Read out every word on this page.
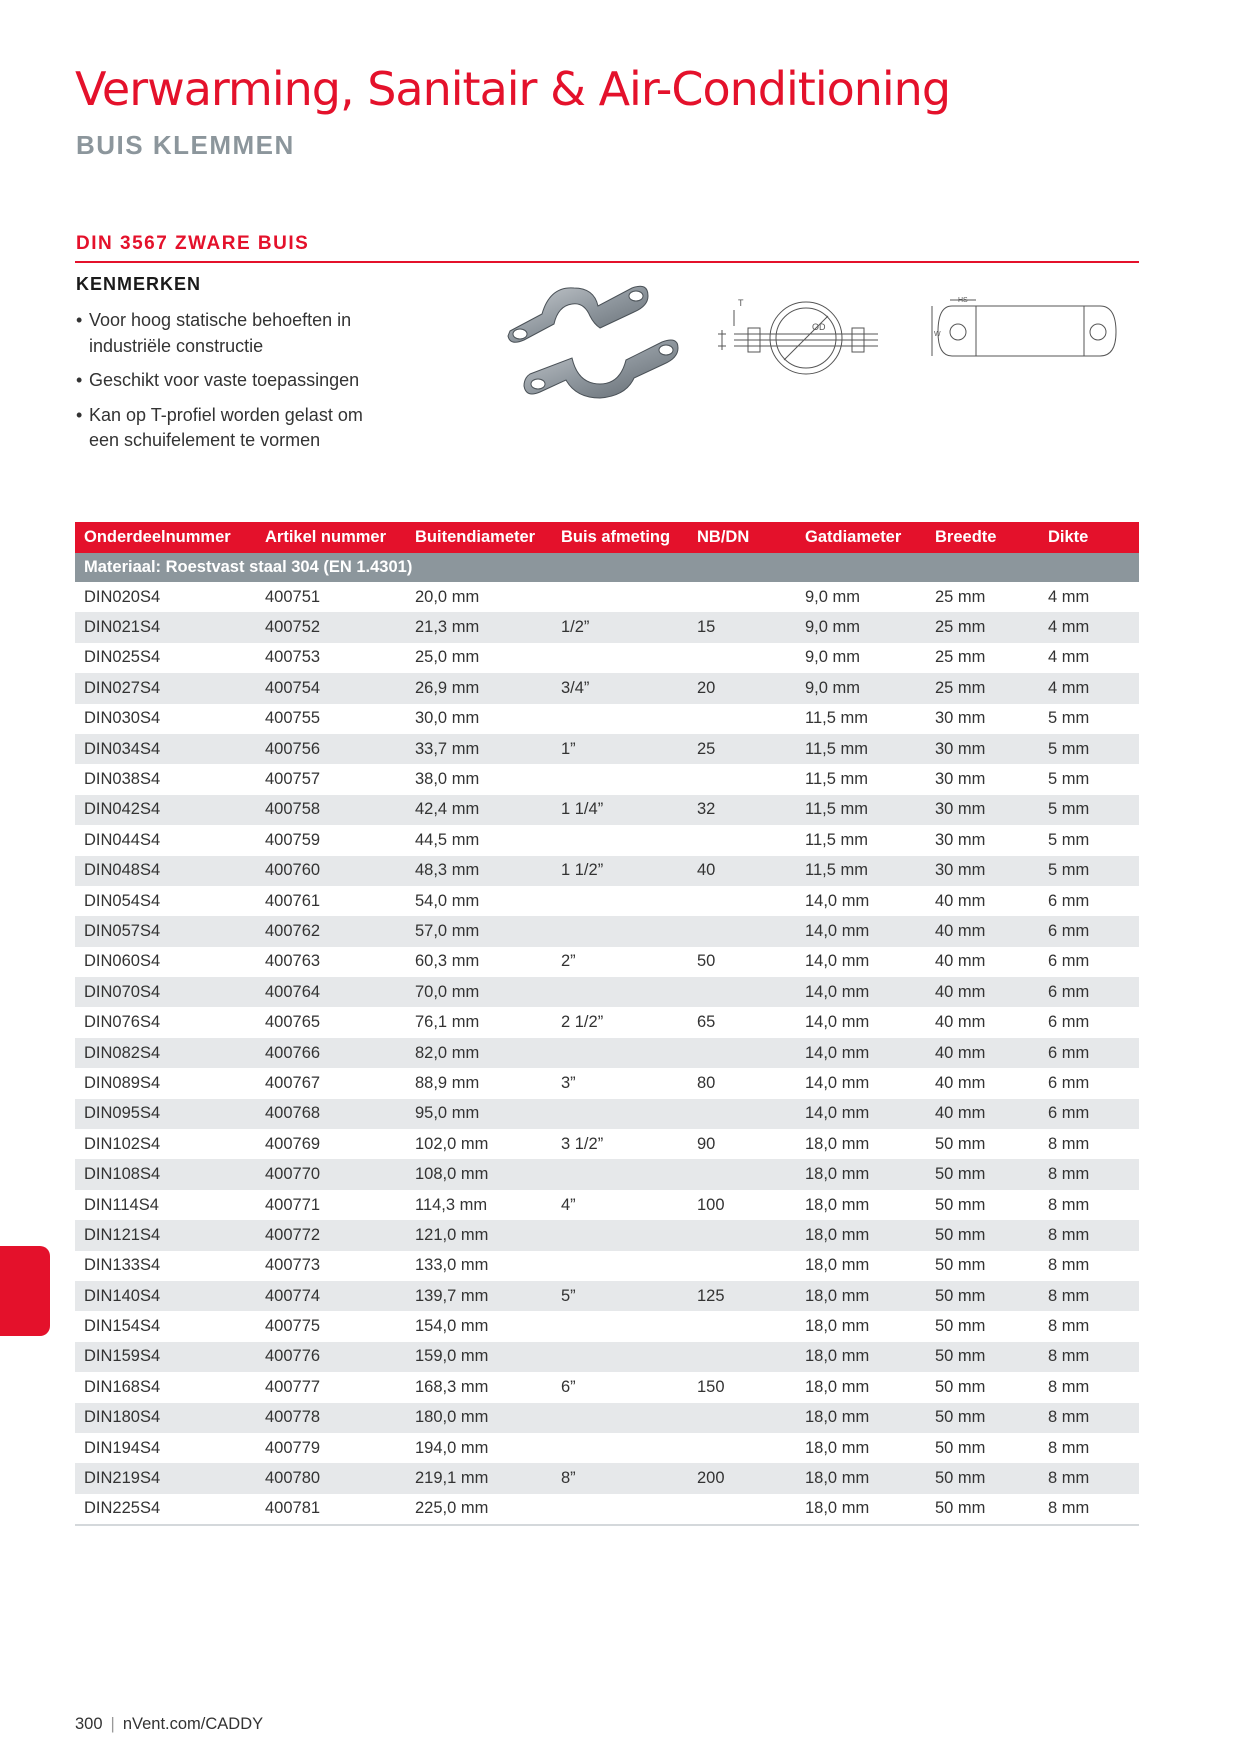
Verwarming, Sanitair & Air-Conditioning
BUIS KLEMMEN
DIN 3567 ZWARE BUIS
KENMERKEN
• Voor hoog statische behoeften in industriële constructie
• Geschikt voor vaste toepassingen
• Kan op T-profiel worden gelast om een schuifelement te vormen
T
OD
HS
W
Onderdeelnummer	Artikel nummer	Buitendiameter	Buis afmeting	NB/DN	Gatdiameter	Breedte	Dikte
Materiaal: Roestvast staal 304 (EN 1.4301)							
DIN020S4	400751	20,0 mm			9,0 mm	25 mm	4 mm
DIN021S4	400752	21,3 mm	1/2”	15	9,0 mm	25 mm	4 mm
DIN025S4	400753	25,0 mm			9,0 mm	25 mm	4 mm
DIN027S4	400754	26,9 mm	3/4”	20	9,0 mm	25 mm	4 mm
DIN030S4	400755	30,0 mm			11,5 mm	30 mm	5 mm
DIN034S4	400756	33,7 mm	1”	25	11,5 mm	30 mm	5 mm
DIN038S4	400757	38,0 mm			11,5 mm	30 mm	5 mm
DIN042S4	400758	42,4 mm	1 1/4”	32	11,5 mm	30 mm	5 mm
DIN044S4	400759	44,5 mm			11,5 mm	30 mm	5 mm
DIN048S4	400760	48,3 mm	1 1/2”	40	11,5 mm	30 mm	5 mm
DIN054S4	400761	54,0 mm			14,0 mm	40 mm	6 mm
DIN057S4	400762	57,0 mm			14,0 mm	40 mm	6 mm
DIN060S4	400763	60,3 mm	2”	50	14,0 mm	40 mm	6 mm
DIN070S4	400764	70,0 mm			14,0 mm	40 mm	6 mm
DIN076S4	400765	76,1 mm	2 1/2”	65	14,0 mm	40 mm	6 mm
DIN082S4	400766	82,0 mm			14,0 mm	40 mm	6 mm
DIN089S4	400767	88,9 mm	3”	80	14,0 mm	40 mm	6 mm
DIN095S4	400768	95,0 mm			14,0 mm	40 mm	6 mm
DIN102S4	400769	102,0 mm	3 1/2”	90	18,0 mm	50 mm	8 mm
DIN108S4	400770	108,0 mm			18,0 mm	50 mm	8 mm
DIN114S4	400771	114,3 mm	4”	100	18,0 mm	50 mm	8 mm
DIN121S4	400772	121,0 mm			18,0 mm	50 mm	8 mm
DIN133S4	400773	133,0 mm			18,0 mm	50 mm	8 mm
DIN140S4	400774	139,7 mm	5”	125	18,0 mm	50 mm	8 mm
DIN154S4	400775	154,0 mm			18,0 mm	50 mm	8 mm
DIN159S4	400776	159,0 mm			18,0 mm	50 mm	8 mm
DIN168S4	400777	168,3 mm	6”	150	18,0 mm	50 mm	8 mm
DIN180S4	400778	180,0 mm			18,0 mm	50 mm	8 mm
DIN194S4	400779	194,0 mm			18,0 mm	50 mm	8 mm
DIN219S4	400780	219,1 mm	8”	200	18,0 mm	50 mm	8 mm
DIN225S4	400781	225,0 mm			18,0 mm	50 mm	8 mm
300 | nVent.com/CADDY
